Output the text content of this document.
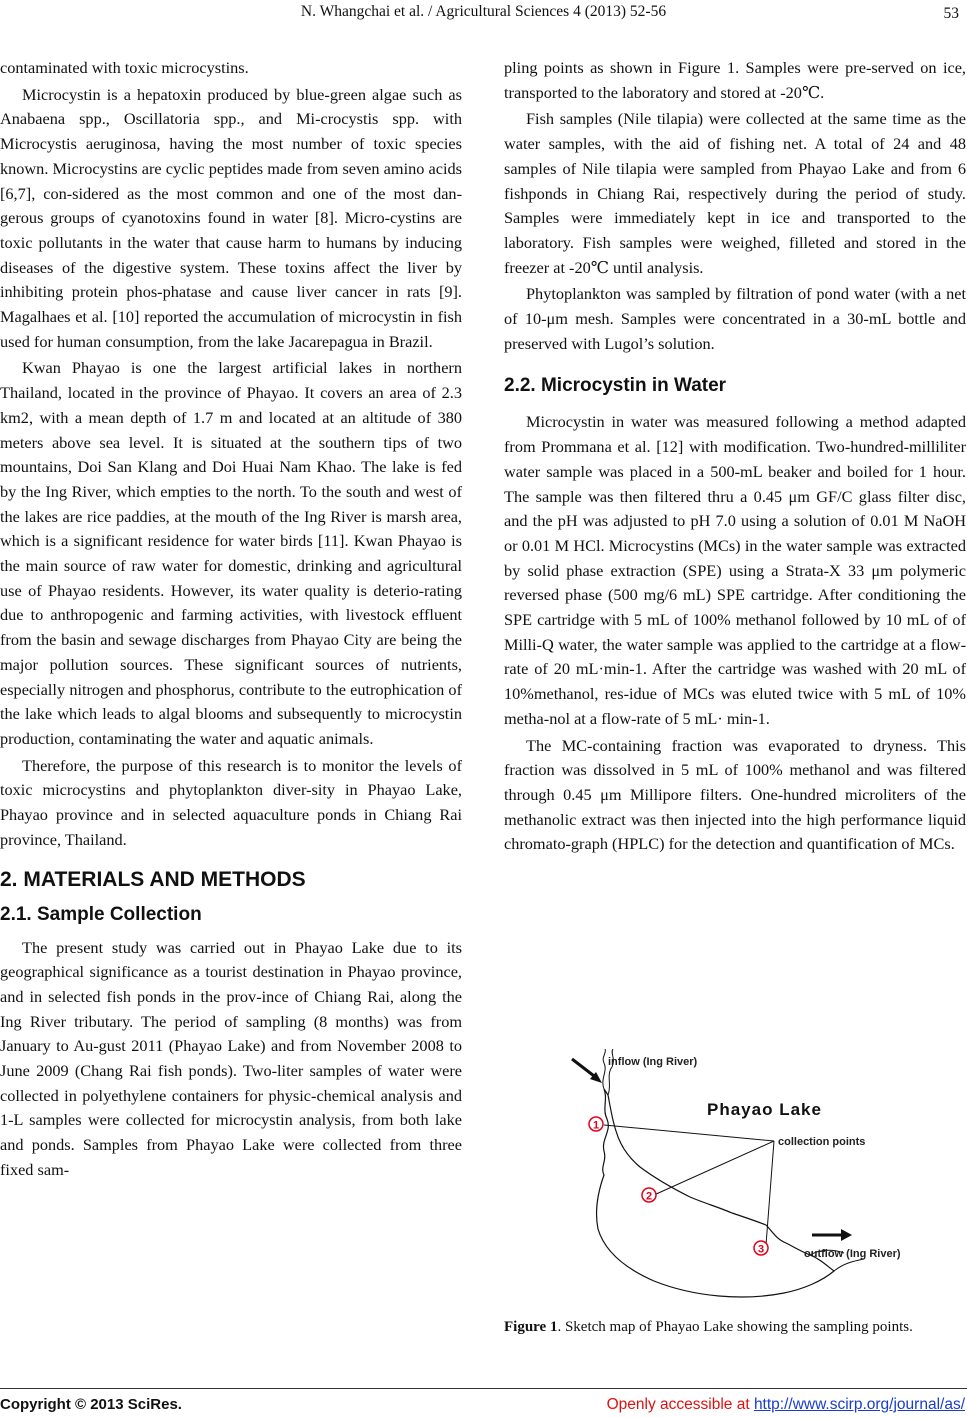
N. Whangchai et al. / Agricultural Sciences 4 (2013) 52-56	53

contaminated with toxic microcystins.

Microcystin is a hepatoxin produced by blue-green algae such as Anabaena spp., Oscillatoria spp., and Mi-crocystis spp. with Microcystis aeruginosa, having the most number of toxic species known. Microcystins are cyclic peptides made from seven amino acids [6,7], con-sidered as the most common and one of the most dan-gerous groups of cyanotoxins found in water [8]. Micro-cystins are toxic pollutants in the water that cause harm to humans by inducing diseases of the digestive system. These toxins affect the liver by inhibiting protein phos-phatase and cause liver cancer in rats [9]. Magalhaes et al. [10] reported the accumulation of microcystin in fish used for human consumption, from the lake Jacarepagua in Brazil.

Kwan Phayao is one the largest artificial lakes in northern Thailand, located in the province of Phayao. It covers an area of 2.3 km2, with a mean depth of 1.7 m and located at an altitude of 380 meters above sea level. It is situated at the southern tips of two mountains, Doi San Klang and Doi Huai Nam Khao. The lake is fed by the Ing River, which empties to the north. To the south and west of the lakes are rice paddies, at the mouth of the Ing River is marsh area, which is a significant residence for water birds [11]. Kwan Phayao is the main source of raw water for domestic, drinking and agricultural use of Phayao residents. However, its water quality is deterio-rating due to anthropogenic and farming activities, with livestock effluent from the basin and sewage discharges from Phayao City are being the major pollution sources. These significant sources of nutrients, especially nitrogen and phosphorus, contribute to the eutrophication of the lake which leads to algal blooms and subsequently to microcystin production, contaminating the water and aquatic animals.

Therefore, the purpose of this research is to monitor the levels of toxic microcystins and phytoplankton diver-sity in Phayao Lake, Phayao province and in selected aquaculture ponds in Chiang Rai province, Thailand.

2. MATERIALS AND METHODS
2.1. Sample Collection

The present study was carried out in Phayao Lake due to its geographical significance as a tourist destination in Phayao province, and in selected fish ponds in the prov-ince of Chiang Rai, along the Ing River tributary. The period of sampling (8 months) was from January to Au-gust 2011 (Phayao Lake) and from November 2008 to June 2009 (Chang Rai fish ponds). Two-liter samples of water were collected in polyethylene containers for physic-chemical analysis and 1-L samples were collected for microcystin analysis, from both lake and ponds. Samples from Phayao Lake were collected from three fixed sam-

pling points as shown in Figure 1. Samples were pre-served on ice, transported to the laboratory and stored at -20℃.

Fish samples (Nile tilapia) were collected at the same time as the water samples, with the aid of fishing net. A total of 24 and 48 samples of Nile tilapia were sampled from Phayao Lake and from 6 fishponds in Chiang Rai, respectively during the period of study. Samples were immediately kept in ice and transported to the laboratory. Fish samples were weighed, filleted and stored in the freezer at -20℃ until analysis.

Phytoplankton was sampled by filtration of pond water (with a net of 10-μm mesh. Samples were concentrated in a 30-mL bottle and preserved with Lugol’s solution.

2.2. Microcystin in Water

Microcystin in water was measured following a method adapted from Prommana et al. [12] with modification. Two-hundred-milliliter water sample was placed in a 500-mL beaker and boiled for 1 hour. The sample was then filtered thru a 0.45 μm GF/C glass filter disc, and the pH was adjusted to pH 7.0 using a solution of 0.01 M NaOH or 0.01 M HCl. Microcystins (MCs) in the water sample was extracted by solid phase extraction (SPE) using a Strata-X 33 μm polymeric reversed phase (500 mg/6 mL) SPE cartridge. After conditioning the SPE cartridge with 5 mL of 100% methanol followed by 10 mL of of Milli-Q water, the water sample was applied to the cartridge at a flow-rate of 20 mL·min-1. After the cartridge was washed with 20 mL of 10%methanol, res-idue of MCs was eluted twice with 5 mL of 10% metha-nol at a flow-rate of 5 mL· min-1.

The MC-containing fraction was evaporated to dryness. This fraction was dissolved in 5 mL of 100% methanol and was filtered through 0.45 μm Millipore filters. One-hundred microliters of the methanolic extract was then injected into the high performance liquid chromato-graph (HPLC) for the detection and quantification of MCs.

1
2
3
inflow (Ing River)
Phayao Lake
collection points
outflow (Ing River)
Figure 1. Sketch map of Phayao Lake showing the sampling points.
Copyright © 2013 SciRes.	Openly accessible at http://www.scirp.org/journal/as/
